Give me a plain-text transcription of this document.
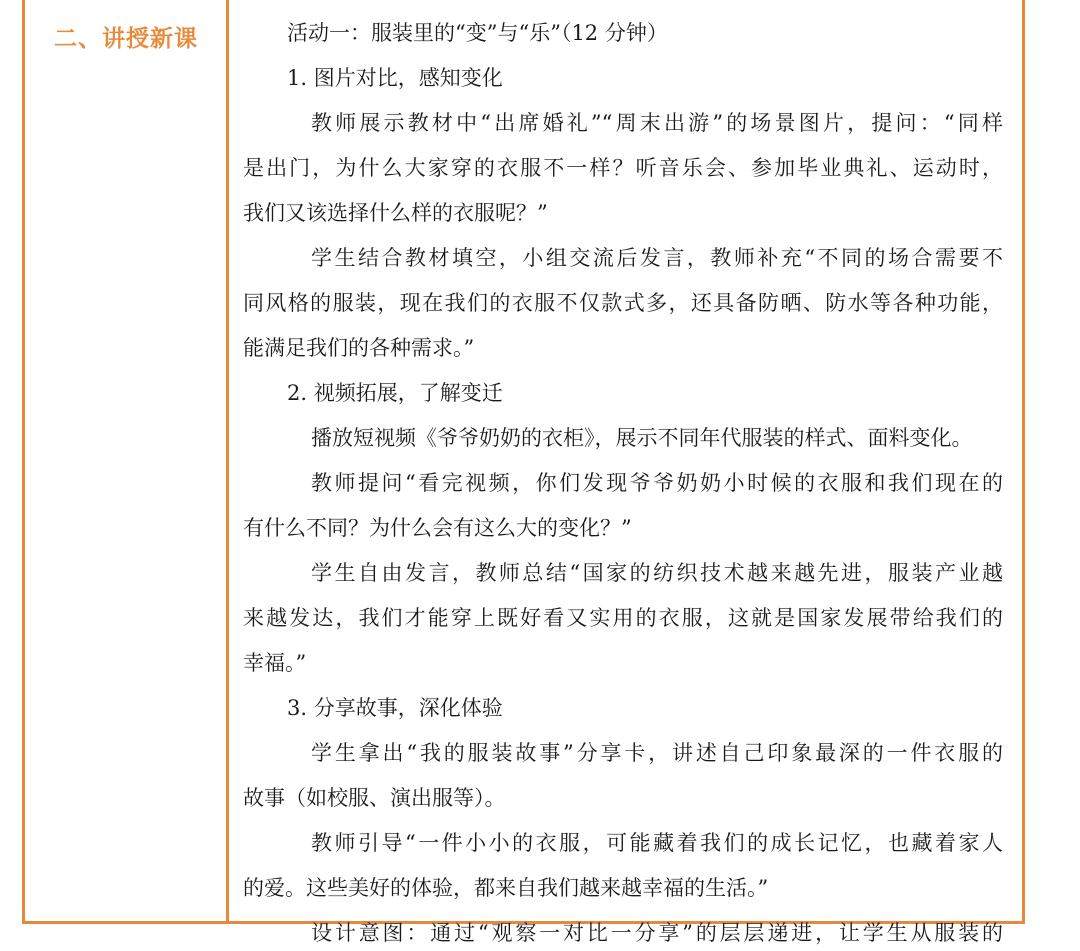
二、讲授新课	活动一：服装里的“变”与“乐”（12 分钟）
1. 图片对比，感知变化
教师展示教材中“出席婚礼”“周末出游”的场景图片，提问：“同样
是出门，为什么大家穿的衣服不一样？听音乐会、参加毕业典礼、运动时，
我们又该选择什么样的衣服呢？”
学生结合教材填空，小组交流后发言，教师补充“不同的场合需要不
同风格的服装，现在我们的衣服不仅款式多，还具备防晒、防水等各种功能，
能满足我们的各种需求。”
2. 视频拓展，了解变迁
播放短视频《爷爷奶奶的衣柜》，展示不同年代服装的样式、面料变化。
教师提问“看完视频，你们发现爷爷奶奶小时候的衣服和我们现在的
有什么不同？为什么会有这么大的变化？”
学生自由发言，教师总结“国家的纺织技术越来越先进，服装产业越
来越发达，我们才能穿上既好看又实用的衣服，这就是国家发展带给我们的
幸福。”
3. 分享故事，深化体验
学生拿出“我的服装故事”分享卡，讲述自己印象最深的一件衣服的
故事（如校服、演出服等）。
教师引导“一件小小的衣服，可能藏着我们的成长记忆，也藏着家人
的爱。这些美好的体验，都来自我们越来越幸福的生活。”
设计意图：通过“观察一对比一分享”的层层递进，让学生从服装的
